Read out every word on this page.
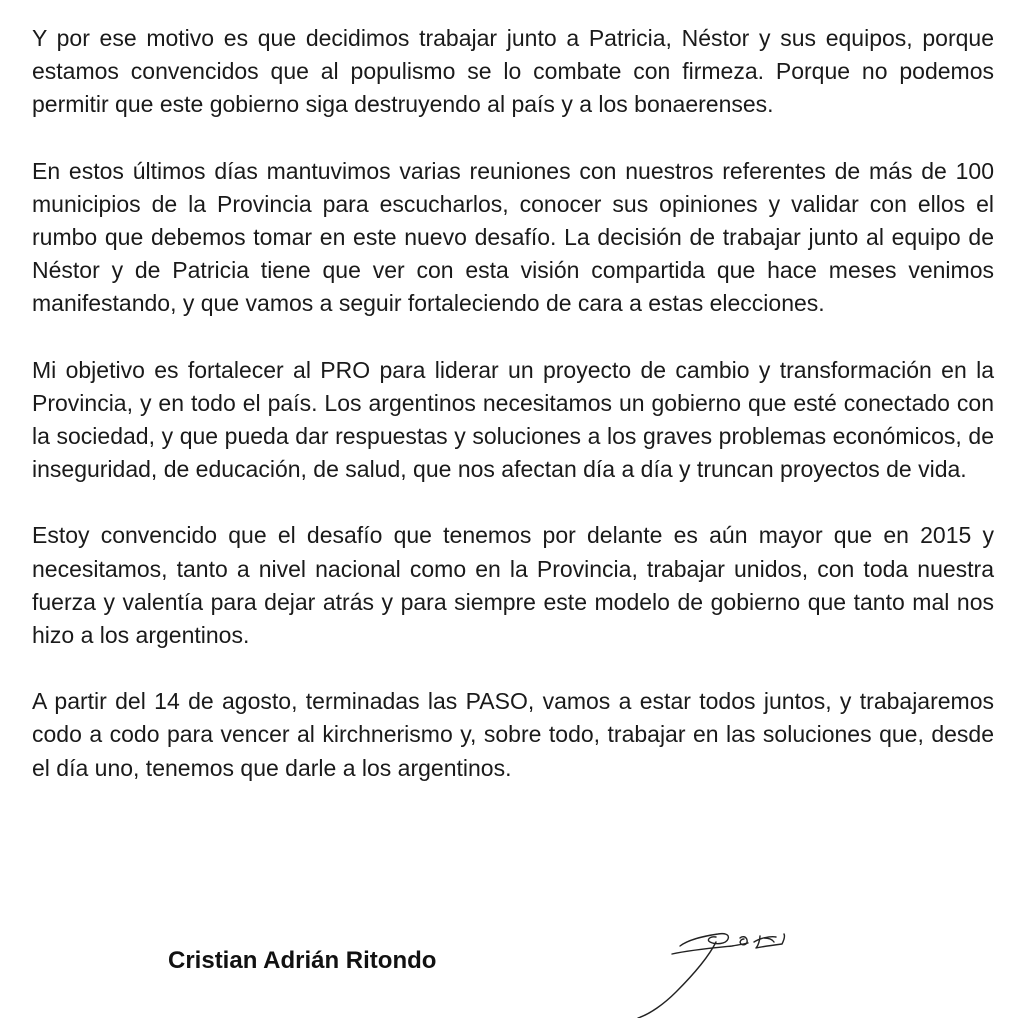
Y por ese motivo es que decidimos trabajar junto a Patricia, Néstor y sus equipos, porque estamos convencidos que al populismo se lo combate con firmeza. Porque no podemos permitir que este gobierno siga destruyendo al país y a los bonaerenses.

En estos últimos días mantuvimos varias reuniones con nuestros referentes de más de 100 municipios de la Provincia para escucharlos, conocer sus opiniones y validar con ellos el rumbo que debemos tomar en este nuevo desafío. La decisión de trabajar junto al equipo de Néstor y de Patricia tiene que ver con esta visión compartida que hace meses venimos manifestando, y que vamos a seguir fortaleciendo de cara a estas elecciones.

Mi objetivo es fortalecer al PRO para liderar un proyecto de cambio y transformación en la Provincia, y en todo el país. Los argentinos necesitamos un gobierno que esté conectado con la sociedad, y que pueda dar respuestas y soluciones a los graves problemas económicos, de inseguridad, de educación, de salud, que nos afectan día a día y truncan proyectos de vida.

Estoy convencido que el desafío que tenemos por delante es aún mayor que en 2015 y necesitamos, tanto a nivel nacional como en la Provincia, trabajar unidos, con toda nuestra fuerza y valentía para dejar atrás y para siempre este modelo de gobierno que tanto mal nos hizo a los argentinos.

A partir del 14 de agosto, terminadas las PASO, vamos a estar todos juntos, y trabajaremos codo a codo para vencer al kirchnerismo y, sobre todo, trabajar en las soluciones que, desde el día uno, tenemos que darle a los argentinos.

Cristian Adrián Ritondo
